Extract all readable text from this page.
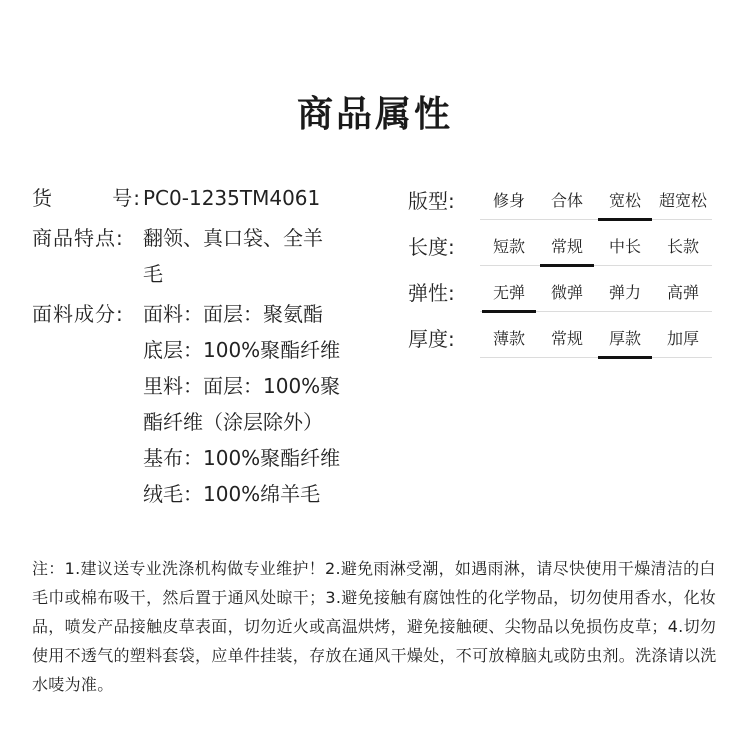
商品属性
货	号: PC0-1235TM4061
商品特点: 翻领、真口袋、全羊
毛
面料成分: 面料：面层：聚氨酯
底层：100%聚酯纤维
里料：面层：100%聚
酯纤维（涂层除外）
基布：100%聚酯纤维
绒毛：100%绵羊毛
版型:	修身	合体	宽松	超宽松
长度:	短款	常规	中长	长款
弹性:	无弹	微弹	弹力	高弹
厚度:	薄款	常规	厚款	加厚
注：1.建议送专业洗涤机构做专业维护！2.避免雨淋受潮，如遇雨淋，请尽快使用干燥清洁的白毛巾或棉布吸干，然后置于通风处晾干；3.避免接触有腐蚀性的化学物品，切勿使用香水，化妆品，喷发产品接触皮草表面，切勿近火或高温烘烤，避免接触硬、尖物品以免损伤皮草；4.切勿使用不透气的塑料套袋，应单件挂装，存放在通风干燥处，不可放樟脑丸或防虫剂。洗涤请以洗水唛为准。
